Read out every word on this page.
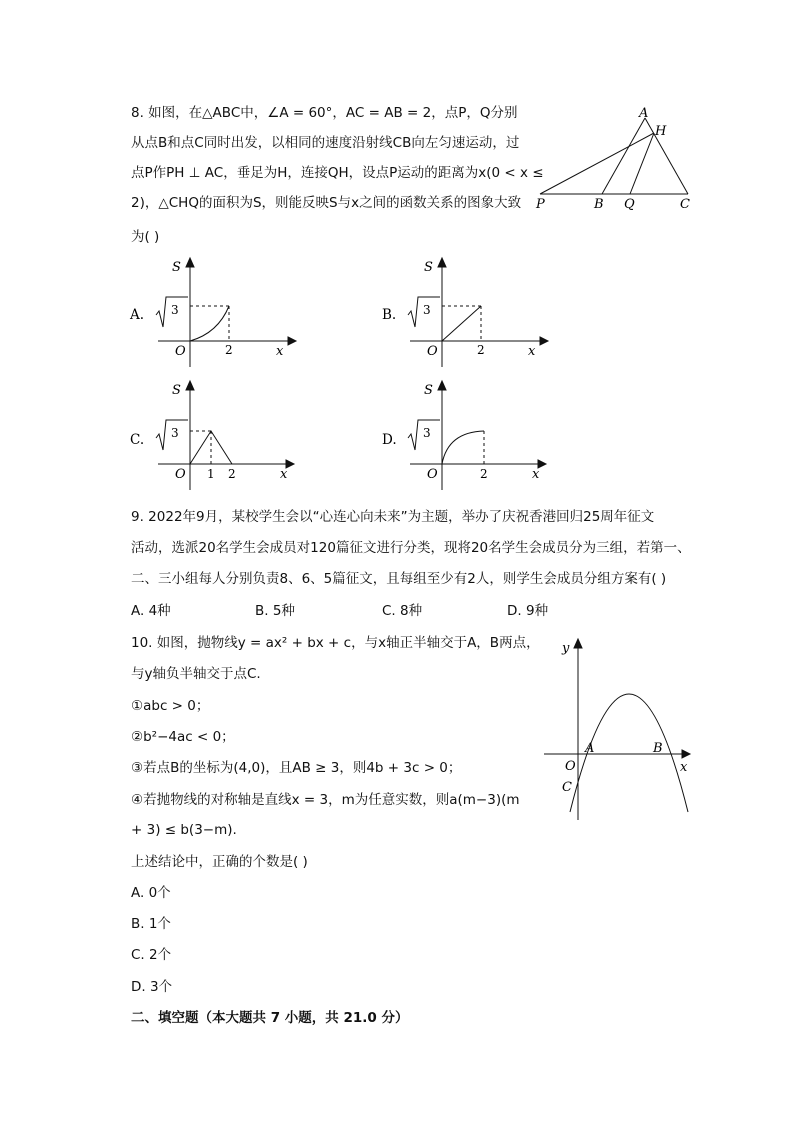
8. 如图，在△ABC中，∠A = 60°，AC = AB = 2，点P，Q分别
从点B和点C同时出发，以相同的速度沿射线CB向左匀速运动，过
点P作PH ⊥ AC，垂足为H，连接QH，设点P运动的距离为x(0 < x ≤
2)，△CHQ的面积为S，则能反映S与x之间的函数关系的图象大致
为( )
A
H
P	B Q	C
A.
S
3
O	2	x
B.
S
3
O	2	x
C.
S
3
O 1 2	x
D.
S
3
O	2	x
9. 2022年9月，某校学生会以“心连心向未来”为主题，举办了庆祝香港回归25周年征文
活动，选派20名学生会成员对120篇征文进行分类，现将20名学生会成员分为三组，若第一、
二、三小组每人分别负责8、6、5篇征文，且每组至少有2人，则学生会成员分组方案有( )
A. 4种	B. 5种	C. 8种	D. 9种
10. 如图，抛物线y = ax² + bx + c，与x轴正半轴交于A，B两点，
与y轴负半轴交于点C.
①abc > 0；
②b²−4ac < 0；
③若点B的坐标为(4,0)，且AB ≥ 3，则4b + 3c > 0；
④若抛物线的对称轴是直线x = 3，m为任意实数，则a(m−3)(m
+ 3) ≤ b(3−m).
上述结论中，正确的个数是( )
A. 0个
B. 1个
C. 2个
D. 3个
y
x
O
A	B
C
二、填空题（本大题共 7 小题，共 21.0 分）
